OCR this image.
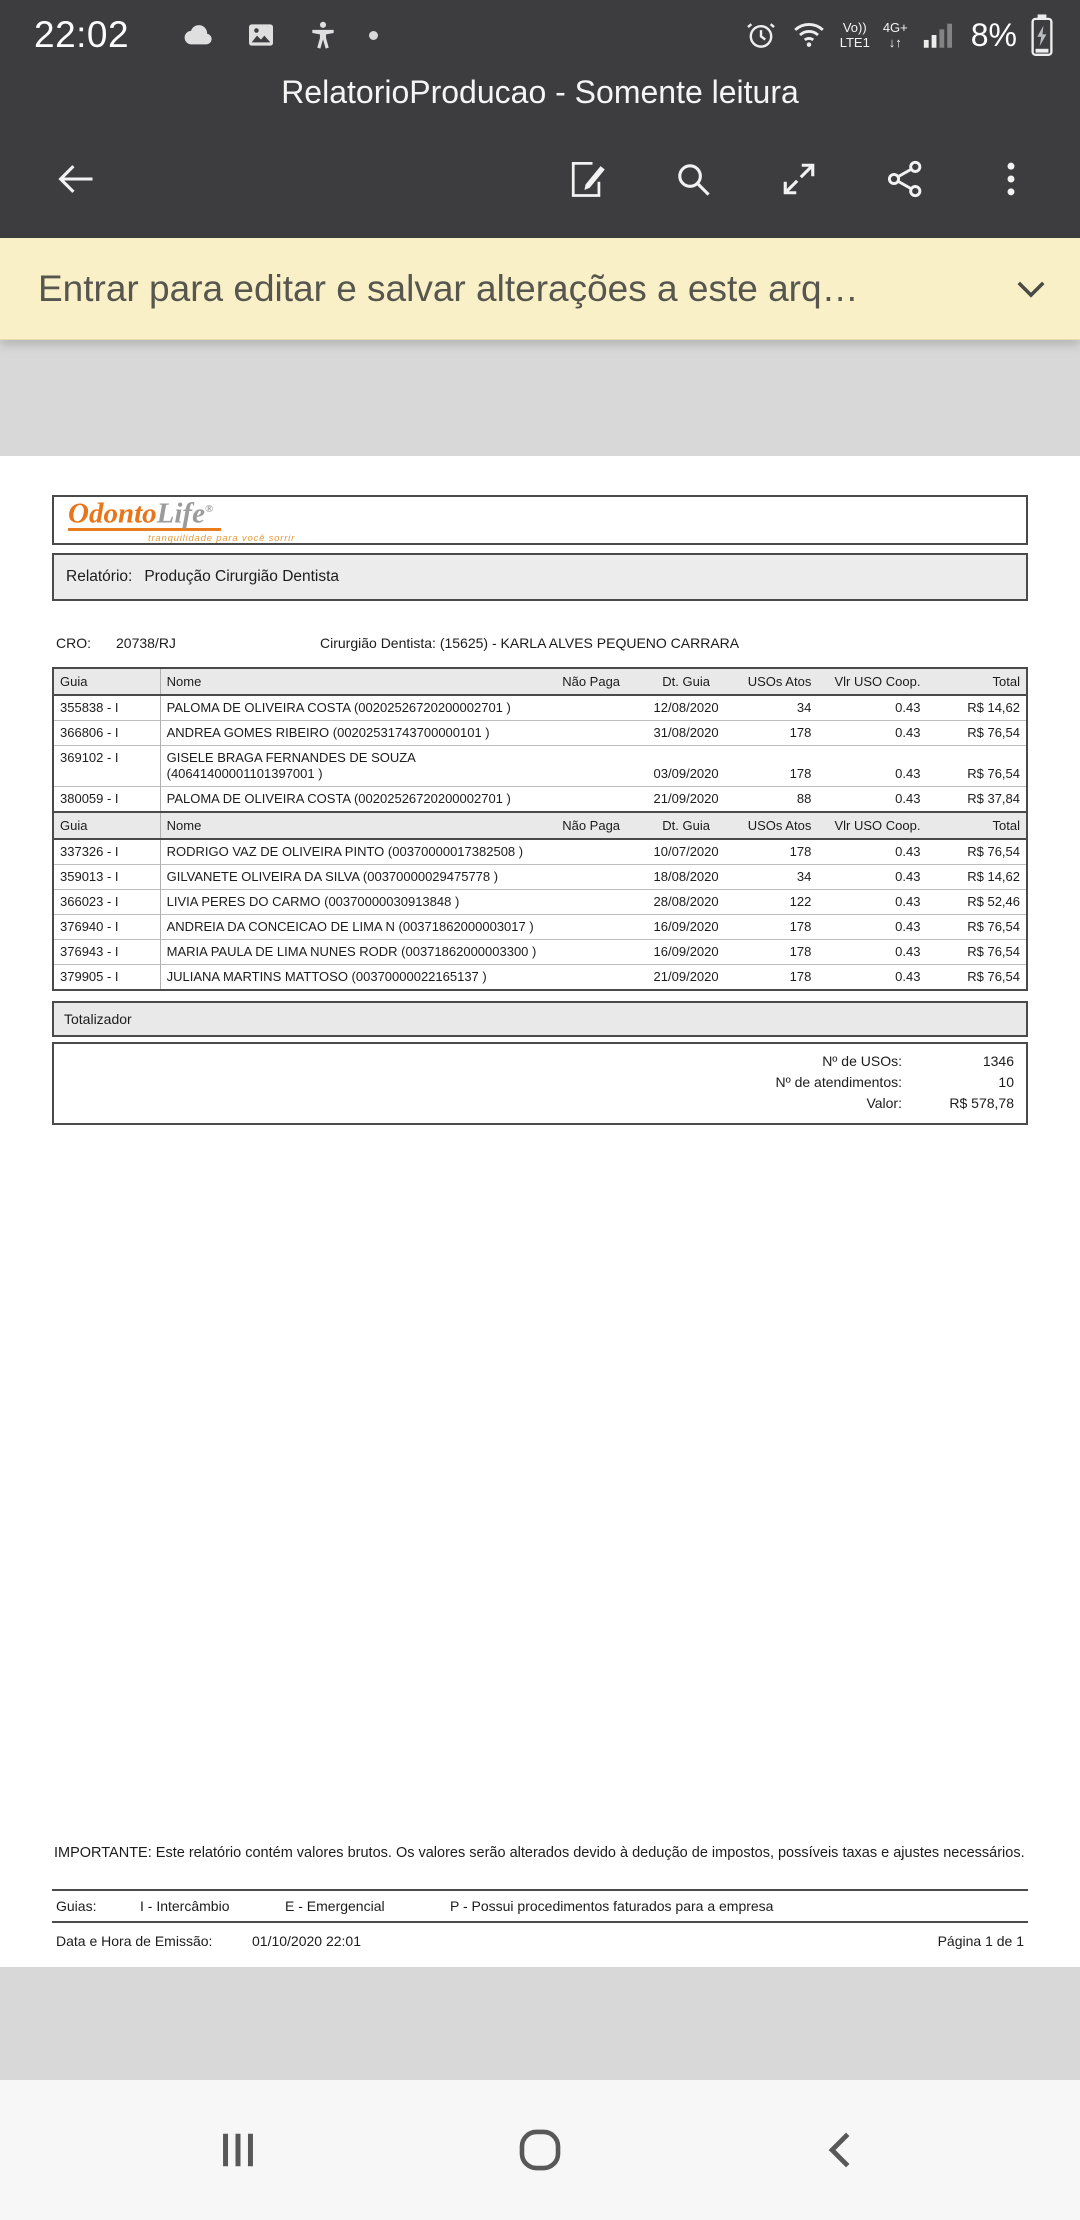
22:02	Vo))
LTE1
4G+
↓↑ 8%
RelatorioProducao - Somente leitura
Entrar para editar e salvar alterações a este arq…
OdontoLife®
tranquilidade para você sorrir
Relatório: Produção Cirurgião Dentista
CRO:	20738/RJ	Cirurgião Dentista: (15625) - KARLA ALVES PEQUENO CARRARA
Guia	Nome	Não Paga	Dt. Guia	USOs Atos	Vlr USO Coop.	Total
355838 - I	PALOMA DE OLIVEIRA COSTA (00202526720200002701 )		12/08/2020	34	0.43	R$ 14,62
366806 - I	ANDREA GOMES RIBEIRO (00202531743700000101 )		31/08/2020	178	0.43	R$ 76,54
369102 - I	GISELE BRAGA FERNANDES DE SOUZA (40641400001101397001 )		03/09/2020	178	0.43	R$ 76,54
380059 - I	PALOMA DE OLIVEIRA COSTA (00202526720200002701 )		21/09/2020	88	0.43	R$ 37,84
Guia	Nome	Não Paga	Dt. Guia	USOs Atos	Vlr USO Coop.	Total
337326 - I	RODRIGO VAZ DE OLIVEIRA PINTO (00370000017382508 )		10/07/2020	178	0.43	R$ 76,54
359013 - I	GILVANETE OLIVEIRA DA SILVA (00370000029475778 )		18/08/2020	34	0.43	R$ 14,62
366023 - I	LIVIA PERES DO CARMO (00370000030913848 )		28/08/2020	122	0.43	R$ 52,46
376940 - I	ANDREIA DA CONCEICAO DE LIMA N (00371862000003017 )		16/09/2020	178	0.43	R$ 76,54
376943 - I	MARIA PAULA DE LIMA NUNES RODR (00371862000003300 )		16/09/2020	178	0.43	R$ 76,54
379905 - I	JULIANA MARTINS MATTOSO (00370000022165137 )		21/09/2020	178	0.43	R$ 76,54
Totalizador
Nº de USOs:	1346
Nº de atendimentos:	10
Valor:	R$ 578,78

IMPORTANTE: Este relatório contém valores brutos. Os valores serão alterados devido à dedução de impostos, possíveis taxas e ajustes necessários.

Guias:	I - Intercâmbio	E - Emergencial	P - Possui procedimentos faturados para a empresa
Data e Hora de Emissão:	01/10/2020 22:01	Página 1 de 1
